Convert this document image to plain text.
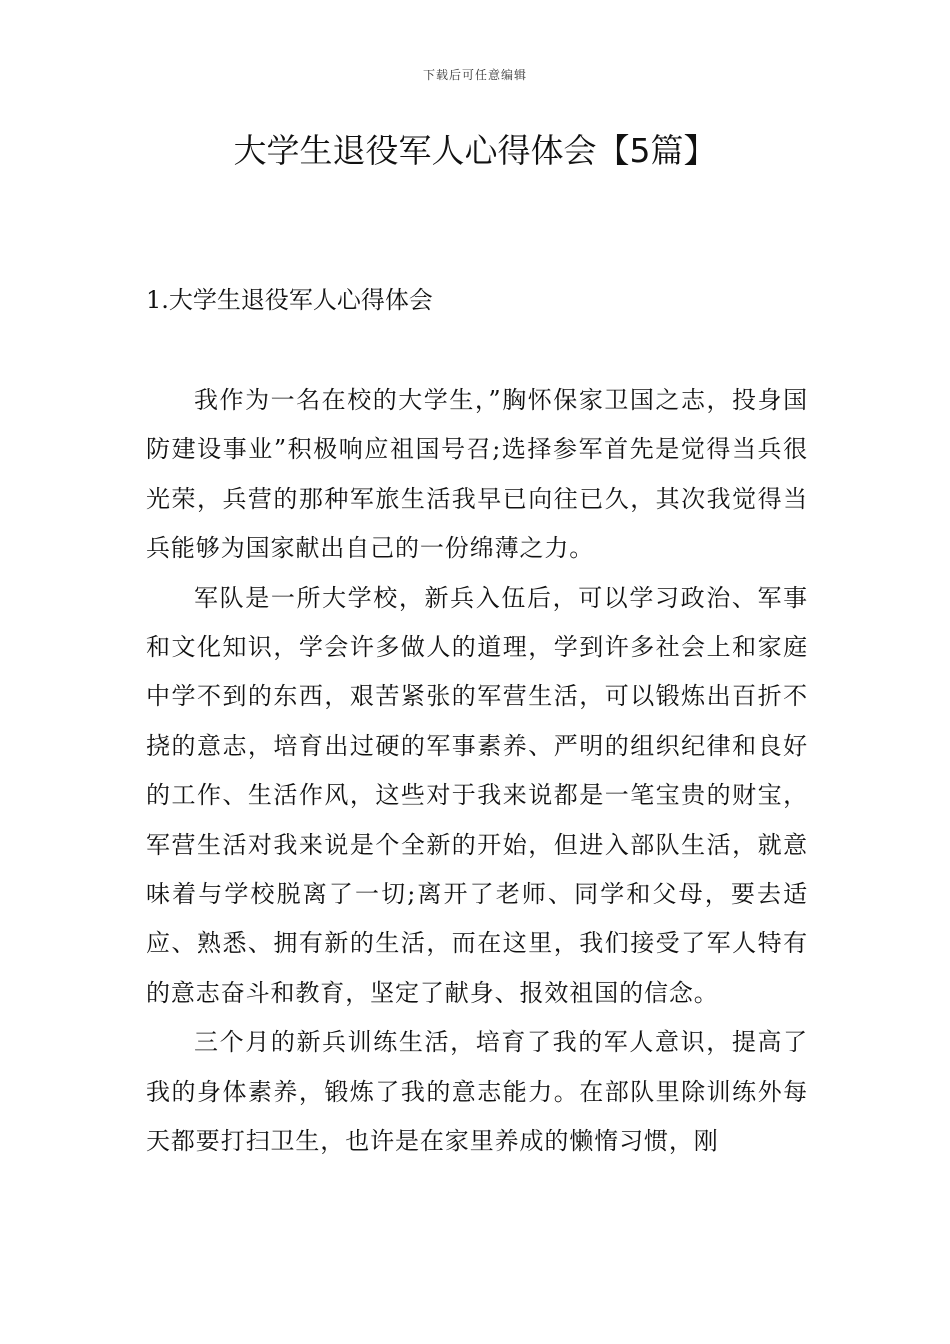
下载后可任意编辑
大学生退役军人心得体会【5篇】
1.大学生退役军人心得体会

我作为一名在校的大学生，”胸怀保家卫国之志，投身国防建设事业”积极响应祖国号召;选择参军首先是觉得当兵很光荣，兵营的那种军旅生活我早已向往已久，其次我觉得当兵能够为国家献出自己的一份绵薄之力。

军队是一所大学校，新兵入伍后，可以学习政治、军事和文化知识，学会许多做人的道理，学到许多社会上和家庭中学不到的东西，艰苦紧张的军营生活，可以锻炼出百折不挠的意志，培育出过硬的军事素养、严明的组织纪律和良好的工作、生活作风，这些对于我来说都是一笔宝贵的财宝，军营生活对我来说是个全新的开始，但进入部队生活，就意味着与学校脱离了一切;离开了老师、同学和父母，要去适应、熟悉、拥有新的生活，而在这里，我们接受了军人特有的意志奋斗和教育，坚定了献身、报效祖国的信念。

三个月的新兵训练生活，培育了我的军人意识，提高了我的身体素养，锻炼了我的意志能力。在部队里除训练外每天都要打扫卫生，也许是在家里养成的懒惰习惯，刚
